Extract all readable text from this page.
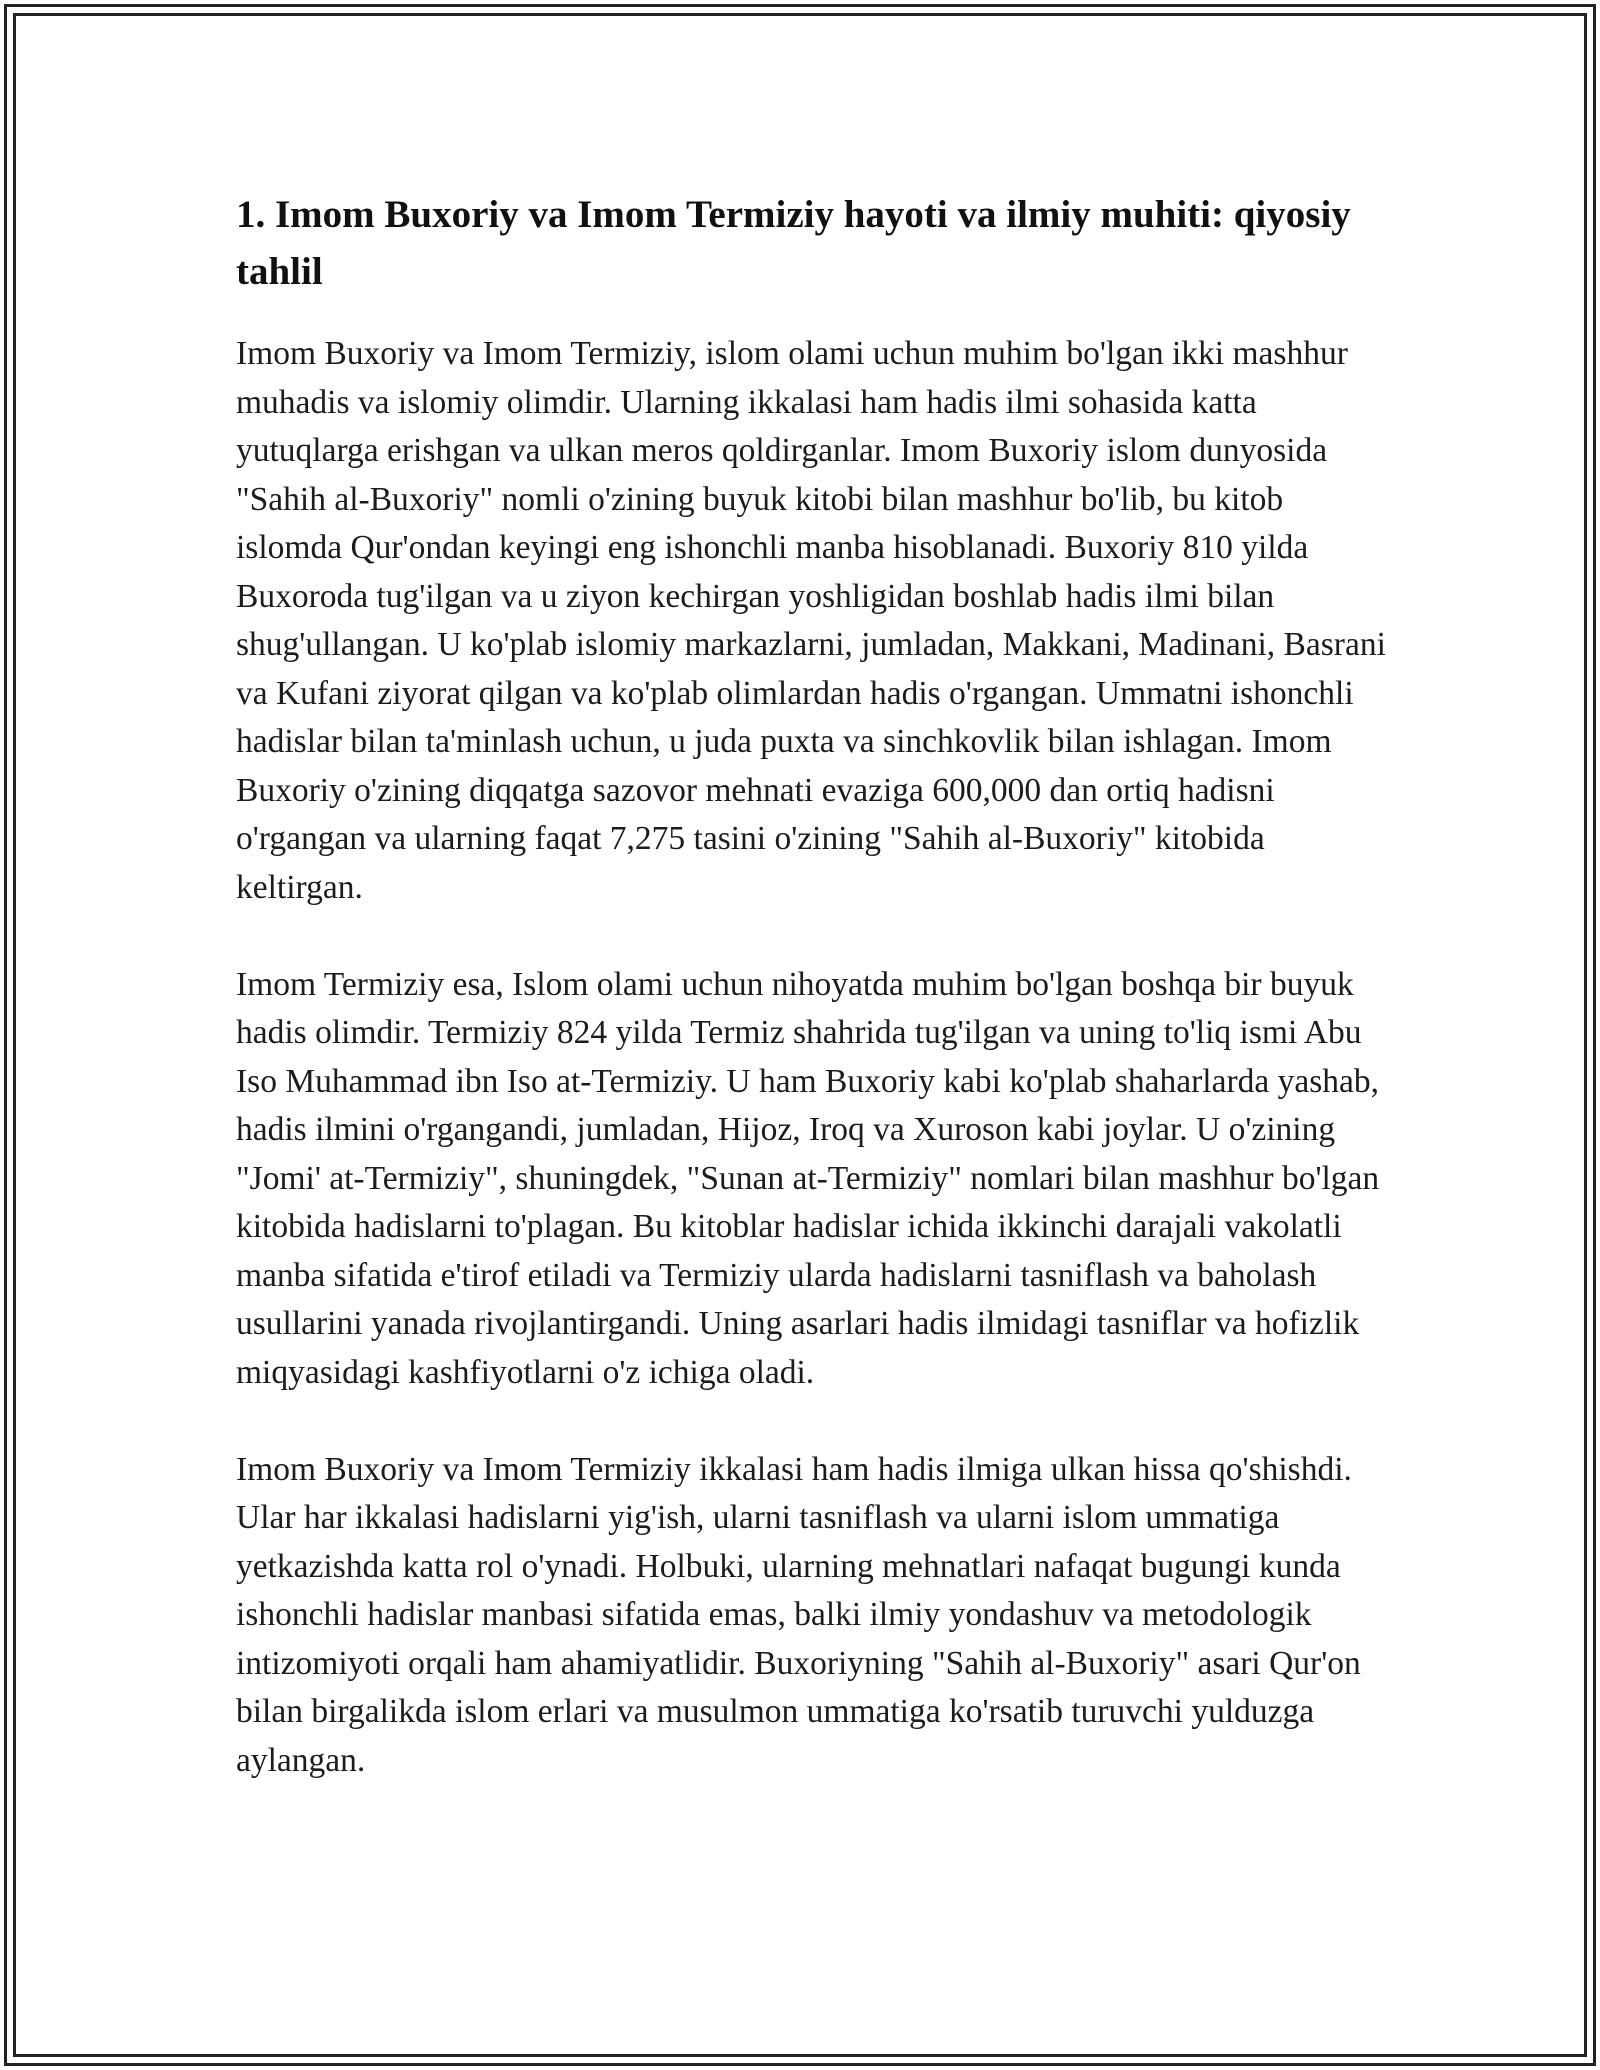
1. Imom Buxoriy va Imom Termiziy hayoti va ilmiy muhiti: qiyosiy tahlil

Imom Buxoriy va Imom Termiziy, islom olami uchun muhim bo'lgan ikki mashhur muhadis va islomiy olimdir. Ularning ikkalasi ham hadis ilmi sohasida katta yutuqlarga erishgan va ulkan meros qoldirganlar. Imom Buxoriy islom dunyosida "Sahih al-Buxoriy" nomli o'zining buyuk kitobi bilan mashhur bo'lib, bu kitob islomda Qur'ondan keyingi eng ishonchli manba hisoblanadi. Buxoriy 810 yilda Buxoroda tug'ilgan va u ziyon kechirgan yoshligidan boshlab hadis ilmi bilan shug'ullangan. U ko'plab islomiy markazlarni, jumladan, Makkani, Madinani, Basrani va Kufani ziyorat qilgan va ko'plab olimlardan hadis o'rgangan. Ummatni ishonchli hadislar bilan ta'minlash uchun, u juda puxta va sinchkovlik bilan ishlagan. Imom Buxoriy o'zining diqqatga sazovor mehnati evaziga 600,000 dan ortiq hadisni o'rgangan va ularning faqat 7,275 tasini o'zining "Sahih al-Buxoriy" kitobida keltirgan.

Imom Termiziy esa, Islom olami uchun nihoyatda muhim bo'lgan boshqa bir buyuk hadis olimdir. Termiziy 824 yilda Termiz shahrida tug'ilgan va uning to'liq ismi Abu Iso Muhammad ibn Iso at-Termiziy. U ham Buxoriy kabi ko'plab shaharlarda yashab, hadis ilmini o'rgangandi, jumladan, Hijoz, Iroq va Xuroson kabi joylar. U o'zining "Jomi' at-Termiziy", shuningdek, "Sunan at-Termiziy" nomlari bilan mashhur bo'lgan kitobida hadislarni to'plagan. Bu kitoblar hadislar ichida ikkinchi darajali vakolatli manba sifatida e'tirof etiladi va Termiziy ularda hadislarni tasniflash va baholash usullarini yanada rivojlantirgandi. Uning asarlari hadis ilmidagi tasniflar va hofizlik miqyasidagi kashfiyotlarni o'z ichiga oladi.

Imom Buxoriy va Imom Termiziy ikkalasi ham hadis ilmiga ulkan hissa qo'shishdi. Ular har ikkalasi hadislarni yig'ish, ularni tasniflash va ularni islom ummatiga yetkazishda katta rol o'ynadi. Holbuki, ularning mehnatlari nafaqat bugungi kunda ishonchli hadislar manbasi sifatida emas, balki ilmiy yondashuv va metodologik intizomiyoti orqali ham ahamiyatlidir. Buxoriyning "Sahih al-Buxoriy" asari Qur'on bilan birgalikda islom erlari va musulmon ummatiga ko'rsatib turuvchi yulduzga aylangan.
